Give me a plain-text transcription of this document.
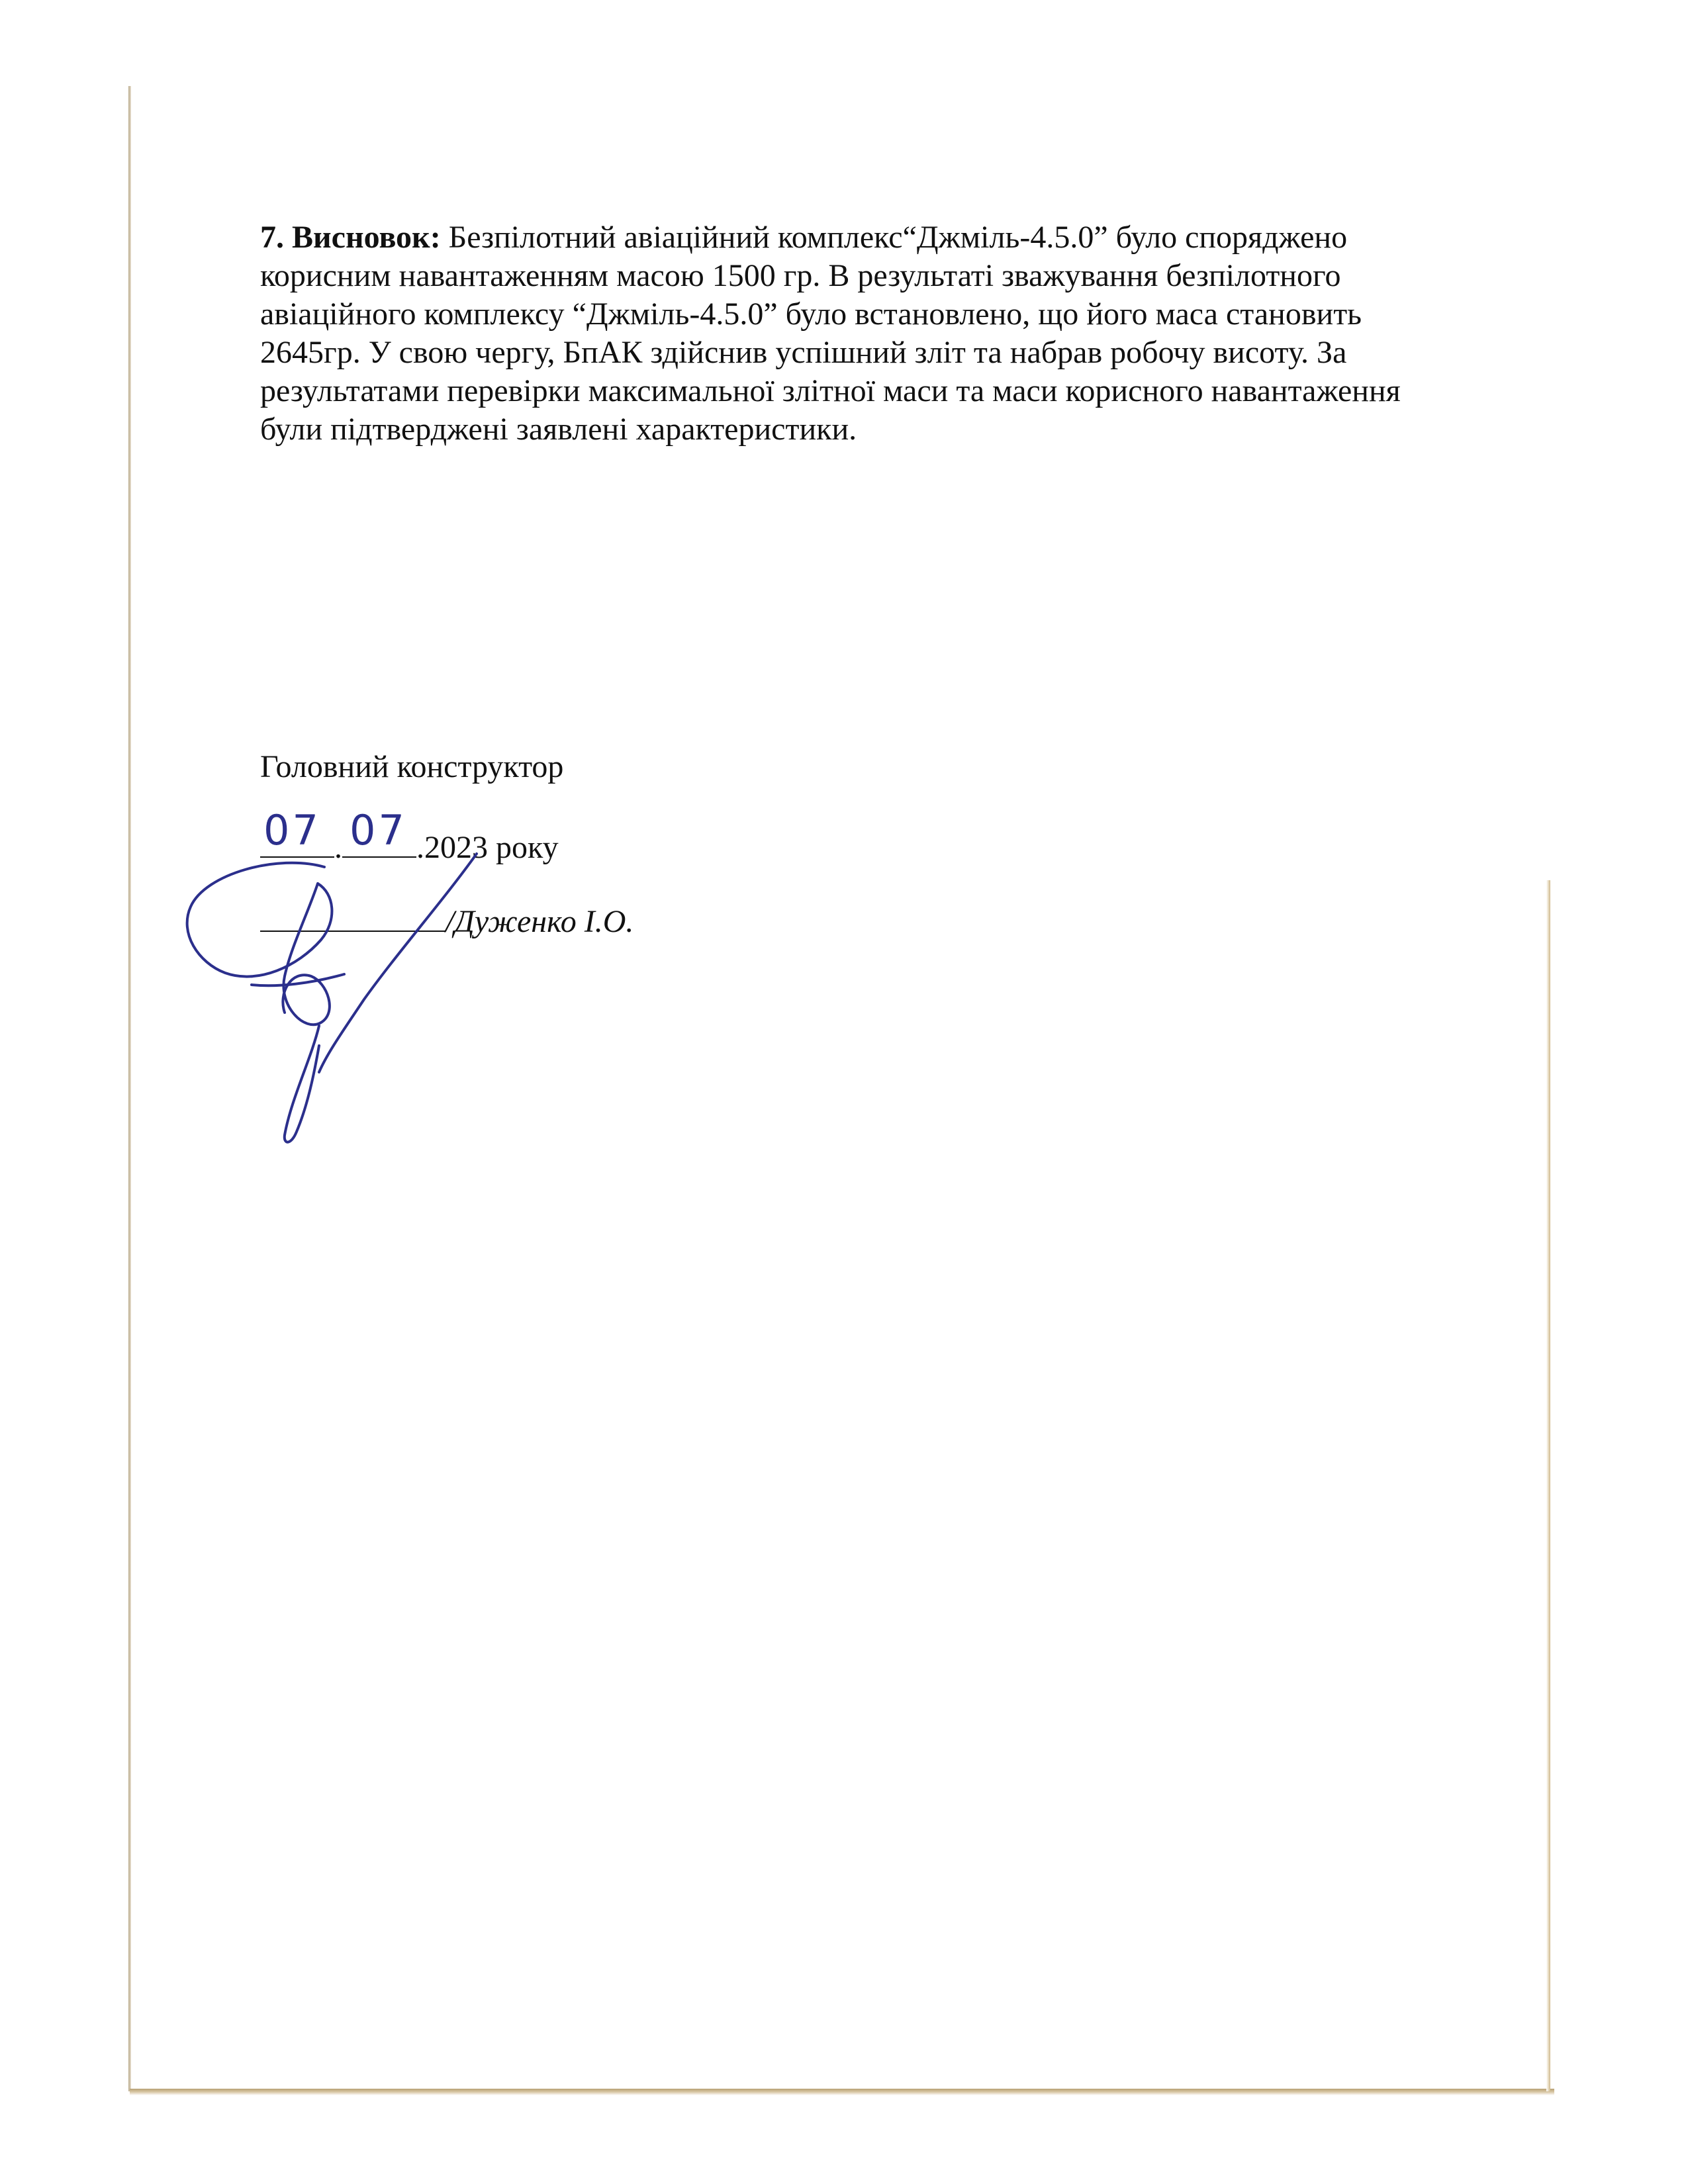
7. Висновок: Безпілотний авіаційний комплекс“Джміль-4.5.0” було споряджено корисним навантаженням масою 1500 гр. В результаті зважування безпілотного авіаційного комплексу “Джміль-4.5.0” було встановлено, що його маса становить 2645гр. У свою чергу, БпАК здійснив успішний зліт та набрав робочу висоту. За результатами перевірки максимальної злітної маси та маси корисного навантаження були підтверджені заявлені характеристики.

Головний конструктор

. .2023 року
07 07
/Дуженко І.О.
